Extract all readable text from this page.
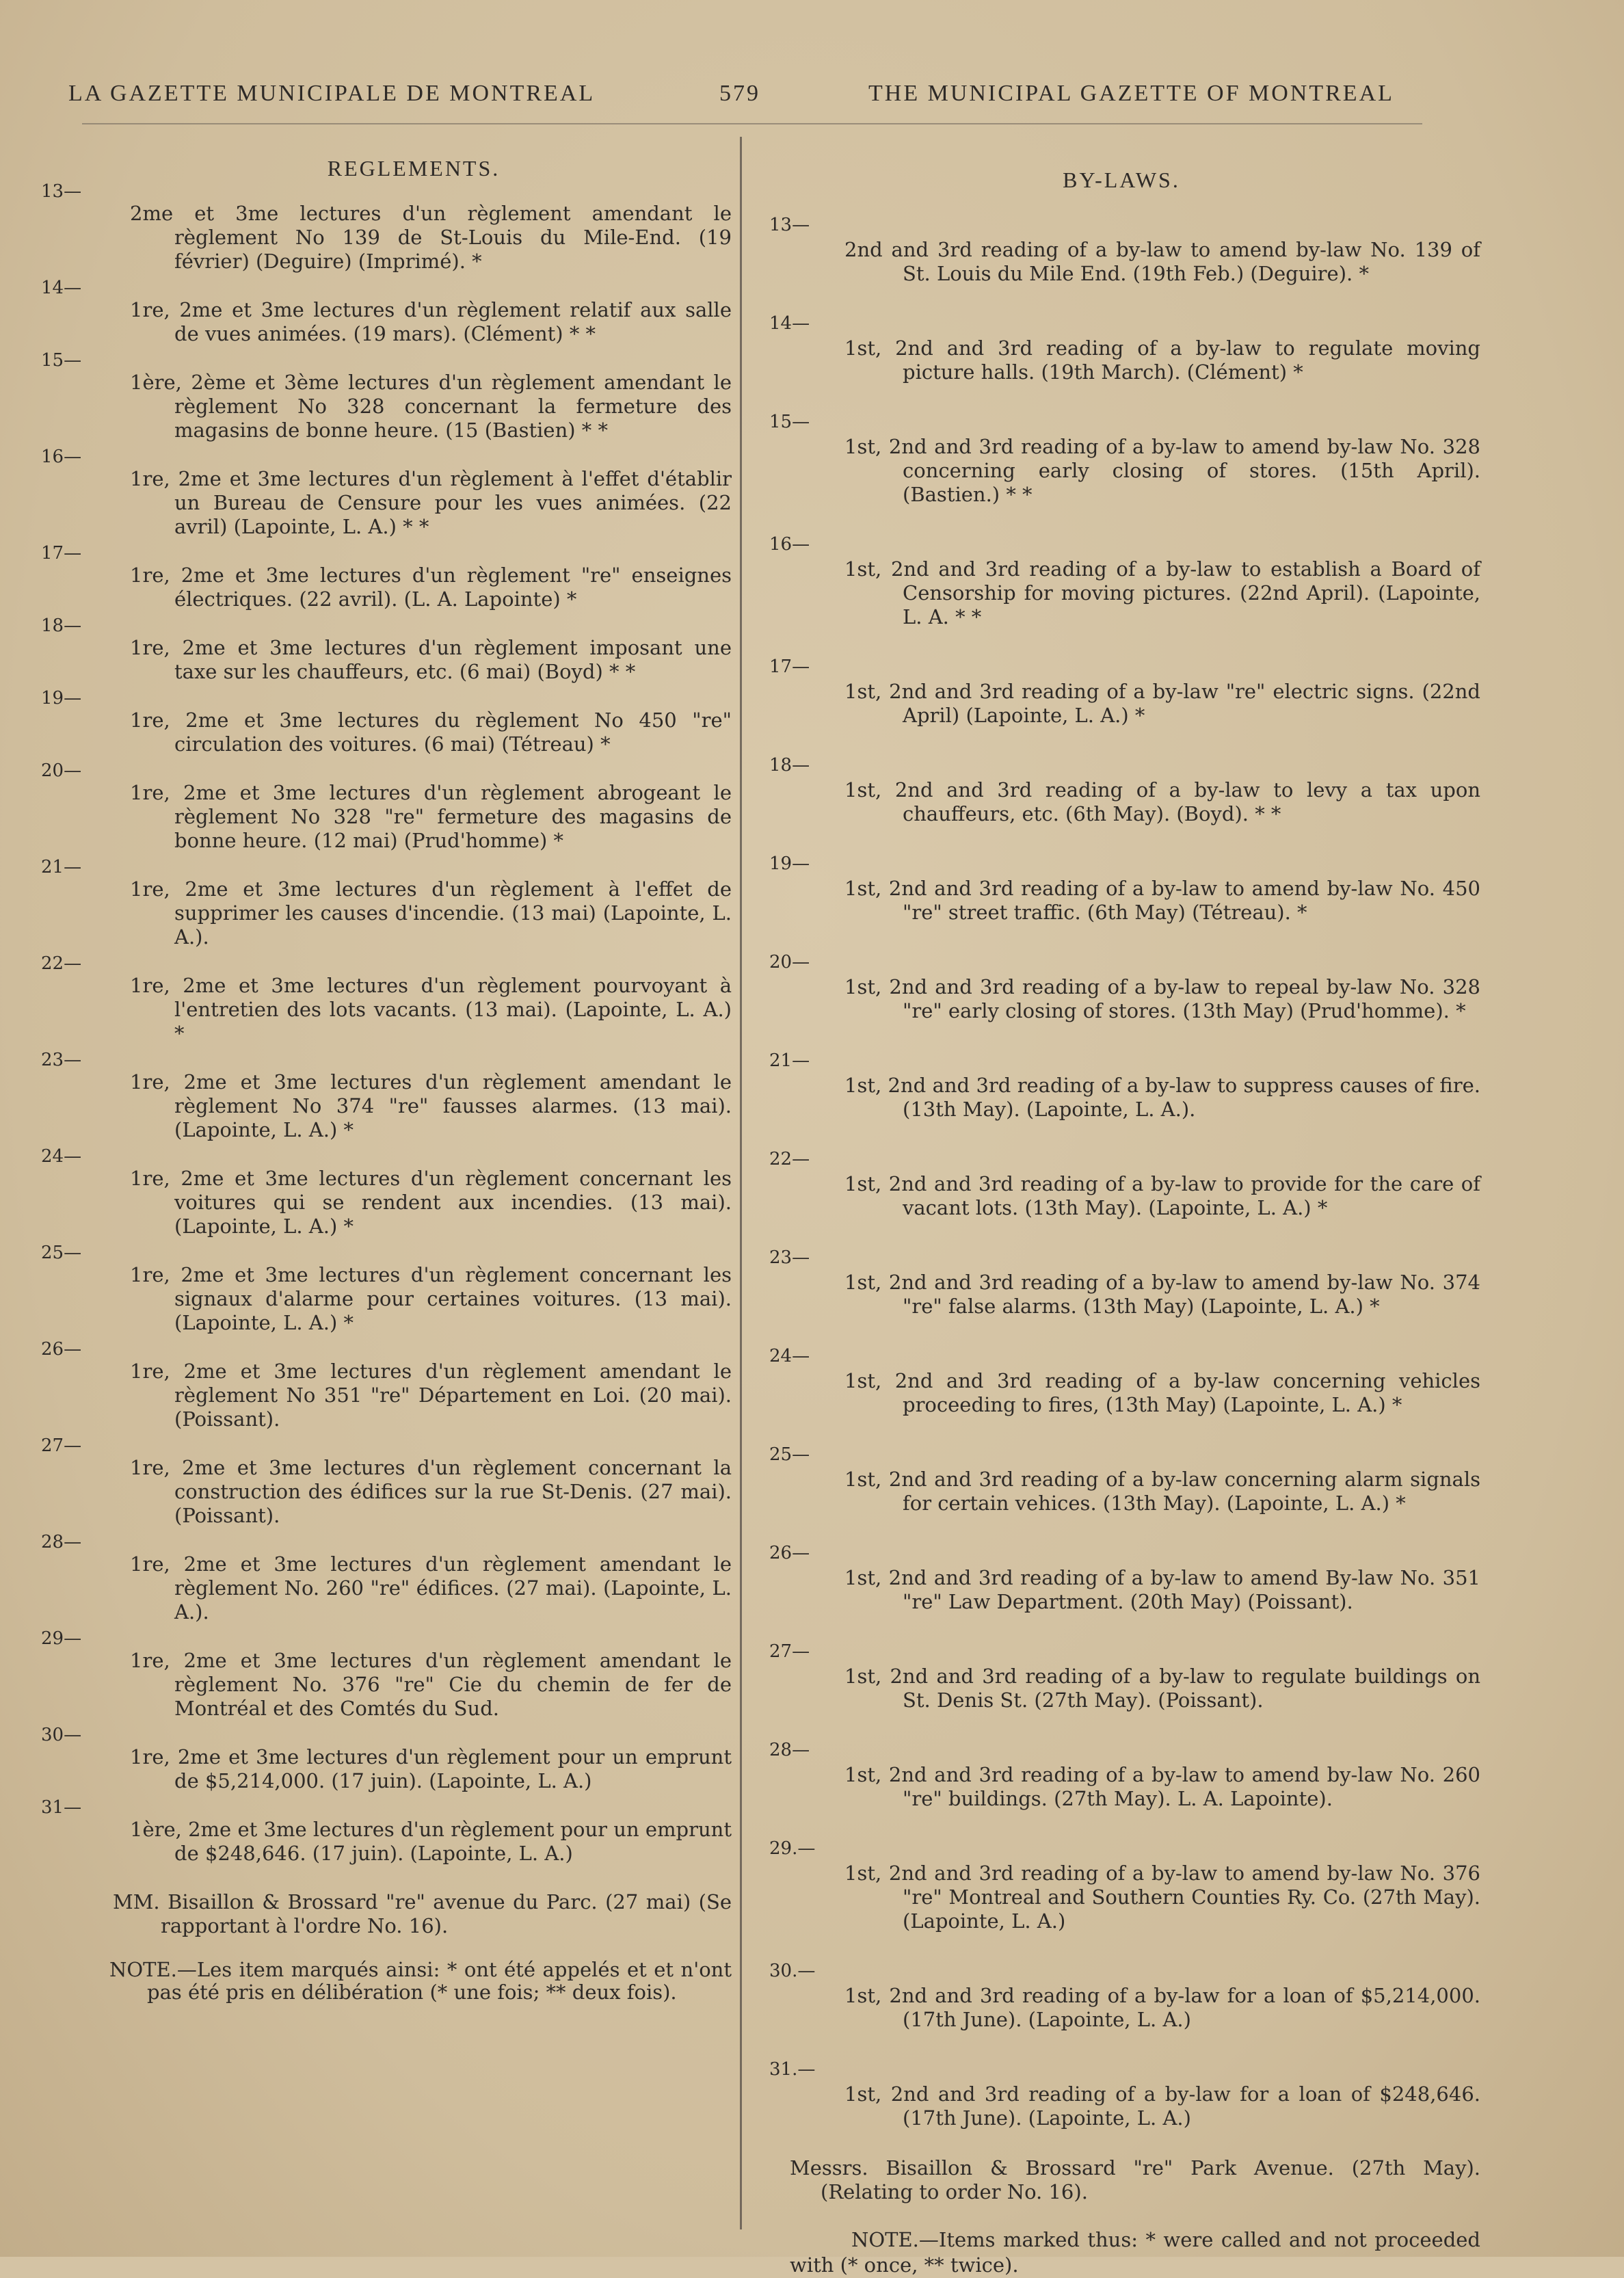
LA GAZETTE MUNICIPALE DE MONTREAL	579	THE MUNICIPAL GAZETTE OF MONTREAL
REGLEMENTS.
13—
2me et 3me lectures d'un règlement amendant le règlement No 139 de St-Louis du Mile-End. (19 février) (Deguire) (Imprimé). *
14—
1re, 2me et 3me lectures d'un règlement relatif aux salle de vues animées. (19 mars). (Clément) * *
15—
1ère, 2ème et 3ème lectures d'un règlement amendant le règlement No 328 concernant la fermeture des magasins de bonne heure. (15 (Bastien) * *
16—
1re, 2me et 3me lectures d'un règlement à l'effet d'établir un Bureau de Censure pour les vues animées. (22 avril) (Lapointe, L. A.) * *
17—
1re, 2me et 3me lectures d'un règlement "re" enseignes électriques. (22 avril). (L. A. Lapointe) *
18—
1re, 2me et 3me lectures d'un règlement imposant une taxe sur les chauffeurs, etc. (6 mai) (Boyd) * *
19—
1re, 2me et 3me lectures du règlement No 450 "re" circulation des voitures. (6 mai) (Tétreau) *
20—
1re, 2me et 3me lectures d'un règlement abrogeant le règlement No 328 "re" fermeture des magasins de bonne heure. (12 mai) (Prud'homme) *
21—
1re, 2me et 3me lectures d'un règlement à l'effet de supprimer les causes d'incendie. (13 mai) (Lapointe, L. A.).
22—
1re, 2me et 3me lectures d'un règlement pourvoyant à l'entretien des lots vacants. (13 mai). (Lapointe, L. A.) *
23—
1re, 2me et 3me lectures d'un règlement amendant le règlement No 374 "re" fausses alarmes. (13 mai). (Lapointe, L. A.) *
24—
1re, 2me et 3me lectures d'un règlement concernant les voitures qui se rendent aux incendies. (13 mai). (Lapointe, L. A.) *
25—
1re, 2me et 3me lectures d'un règlement concernant les signaux d'alarme pour certaines voitures. (13 mai). (Lapointe, L. A.) *
26—
1re, 2me et 3me lectures d'un règlement amendant le règlement No 351 "re" Département en Loi. (20 mai). (Poissant).
27—
1re, 2me et 3me lectures d'un règlement concernant la construction des édifices sur la rue St-Denis. (27 mai). (Poissant).
28—
1re, 2me et 3me lectures d'un règlement amendant le règlement No. 260 "re" édifices. (27 mai). (Lapointe, L. A.).
29—
1re, 2me et 3me lectures d'un règlement amendant le règlement No. 376 "re" Cie du chemin de fer de Montréal et des Comtés du Sud.
30—
1re, 2me et 3me lectures d'un règlement pour un emprunt de $5,214,000. (17 juin). (Lapointe, L. A.)
31—
1ère, 2me et 3me lectures d'un règlement pour un emprunt de $248,646. (17 juin). (Lapointe, L. A.)
MM. Bisaillon & Brossard "re" avenue du Parc. (27 mai) (Se rapportant à l'ordre No. 16).
NOTE.—Les item marqués ainsi: * ont été appelés et et n'ont pas été pris en délibération (* une fois; ** deux fois).
BY-LAWS.
13—
2nd and 3rd reading of a by-law to amend by-law No. 139 of St. Louis du Mile End. (19th Feb.) (Deguire). *
14—
1st, 2nd and 3rd reading of a by-law to regulate moving picture halls. (19th March). (Clément) *
15—
1st, 2nd and 3rd reading of a by-law to amend by-law No. 328 concerning early closing of stores. (15th April). (Bastien.) * *
16—
1st, 2nd and 3rd reading of a by-law to establish a Board of Censorship for moving pictures. (22nd April). (Lapointe, L. A. * *
17—
1st, 2nd and 3rd reading of a by-law "re" electric signs. (22nd April) (Lapointe, L. A.) *
18—
1st, 2nd and 3rd reading of a by-law to levy a tax upon chauffeurs, etc. (6th May). (Boyd). * *
19—
1st, 2nd and 3rd reading of a by-law to amend by-law No. 450 "re" street traffic. (6th May) (Tétreau). *
20—
1st, 2nd and 3rd reading of a by-law to repeal by-law No. 328 "re" early closing of stores. (13th May) (Prud'homme). *
21—
1st, 2nd and 3rd reading of a by-law to suppress causes of fire. (13th May). (Lapointe, L. A.).
22—
1st, 2nd and 3rd reading of a by-law to provide for the care of vacant lots. (13th May). (Lapointe, L. A.) *
23—
1st, 2nd and 3rd reading of a by-law to amend by-law No. 374 "re" false alarms. (13th May) (Lapointe, L. A.) *
24—
1st, 2nd and 3rd reading of a by-law concerning vehicles proceeding to fires, (13th May) (Lapointe, L. A.) *
25—
1st, 2nd and 3rd reading of a by-law concerning alarm signals for certain vehices. (13th May). (Lapointe, L. A.) *
26—
1st, 2nd and 3rd reading of a by-law to amend By-law No. 351 "re" Law Department. (20th May) (Poissant).
27—
1st, 2nd and 3rd reading of a by-law to regulate buildings on St. Denis St. (27th May). (Poissant).
28—
1st, 2nd and 3rd reading of a by-law to amend by-law No. 260 "re" buildings. (27th May). L. A. Lapointe).
29.—
1st, 2nd and 3rd reading of a by-law to amend by-law No. 376 "re" Montreal and Southern Counties Ry. Co. (27th May). (Lapointe, L. A.)
30.—
1st, 2nd and 3rd reading of a by-law for a loan of $5,214,000. (17th June). (Lapointe, L. A.)
31.—
1st, 2nd and 3rd reading of a by-law for a loan of $248,646. (17th June). (Lapointe, L. A.)
Messrs. Bisaillon & Brossard "re" Park Avenue. (27th May). (Relating to order No. 16).
NOTE.—Items marked thus: * were called and not proceeded with (* once, ** twice).
